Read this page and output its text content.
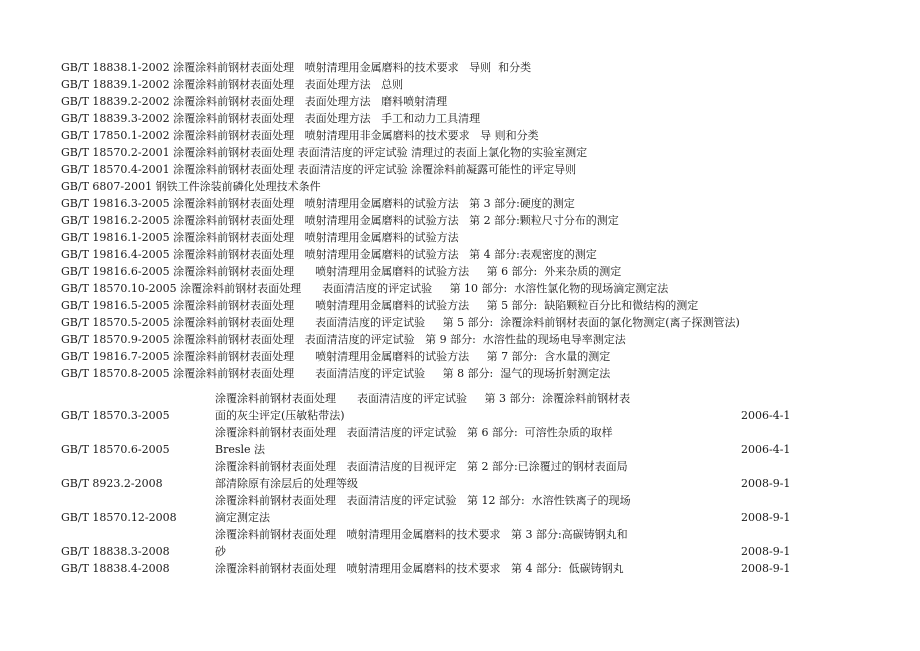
GB/T 18838.1-2002 涂覆涂料前钢材表面处理   喷射清理用金属磨料的技术要求   导则  和分类
GB/T 18839.1-2002 涂覆涂料前钢材表面处理   表面处理方法   总则
GB/T 18839.2-2002 涂覆涂料前钢材表面处理   表面处理方法   磨料喷射清理
GB/T 18839.3-2002 涂覆涂料前钢材表面处理   表面处理方法   手工和动力工具清理
GB/T 17850.1-2002 涂覆涂料前钢材表面处理   喷射清理用非金属磨料的技术要求   导 则和分类
GB/T 18570.2-2001 涂覆涂料前钢材表面处理 表面清洁度的评定试验 清理过的表面上氯化物的实验室测定
GB/T 18570.4-2001 涂覆涂料前钢材表面处理 表面清洁度的评定试验 涂覆涂料前凝露可能性的评定导则
GB/T 6807-2001 钢铁工件涂装前磷化处理技术条件
GB/T 19816.3-2005 涂覆涂料前钢材表面处理   喷射清理用金属磨料的试验方法   第 3 部分:硬度的测定
GB/T 19816.2-2005 涂覆涂料前钢材表面处理   喷射清理用金属磨料的试验方法   第 2 部分:颗粒尺寸分布的测定
GB/T 19816.1-2005 涂覆涂料前钢材表面处理   喷射清理用金属磨料的试验方法
GB/T 19816.4-2005 涂覆涂料前钢材表面处理   喷射清理用金属磨料的试验方法   第 4 部分:表观密度的测定
GB/T 19816.6-2005 涂覆涂料前钢材表面处理      喷射清理用金属磨料的试验方法     第 6 部分:  外来杂质的测定
GB/T 18570.10-2005 涂覆涂料前钢材表面处理      表面清洁度的评定试验     第 10 部分:  水溶性氯化物的现场滴定测定法
GB/T 19816.5-2005 涂覆涂料前钢材表面处理      喷射清理用金属磨料的试验方法     第 5 部分:  缺陷颗粒百分比和微结构的测定
GB/T 18570.5-2005 涂覆涂料前钢材表面处理      表面清洁度的评定试验     第 5 部分:  涂覆涂料前钢材表面的氯化物测定(离子探测管法)
GB/T 18570.9-2005 涂覆涂料前钢材表面处理   表面清洁度的评定试验   第 9 部分:  水溶性盐的现场电导率测定法
GB/T 19816.7-2005 涂覆涂料前钢材表面处理      喷射清理用金属磨料的试验方法     第 7 部分:  含水量的测定
GB/T 18570.8-2005 涂覆涂料前钢材表面处理      表面清洁度的评定试验     第 8 部分:  湿气的现场折射测定法
涂覆涂料前钢材表面处理      表面清洁度的评定试验     第 3 部分:  涂覆涂料前钢材表
面的灰尘评定(压敏粘带法)
涂覆涂料前钢材表面处理   表面清洁度的评定试验   第 6 部分:  可溶性杂质的取样
Bresle 法
涂覆涂料前钢材表面处理   表面清洁度的目视评定   第 2 部分:已涂覆过的钢材表面局
部清除原有涂层后的处理等级
涂覆涂料前钢材表面处理   表面清洁度的评定试验   第 12 部分:  水溶性铁离子的现场
滴定测定法
涂覆涂料前钢材表面处理   喷射清理用金属磨料的技术要求   第 3 部分:高碳铸钢丸和
砂
涂覆涂料前钢材表面处理   喷射清理用金属磨料的技术要求   第 4 部分:  低碳铸钢丸
GB/T 18570.3-2005
GB/T 18570.6-2005
GB/T 8923.2-2008
GB/T 18570.12-2008
GB/T 18838.3-2008
GB/T 18838.4-2008
2006-4-1
2006-4-1
2008-9-1
2008-9-1
2008-9-1
2008-9-1
